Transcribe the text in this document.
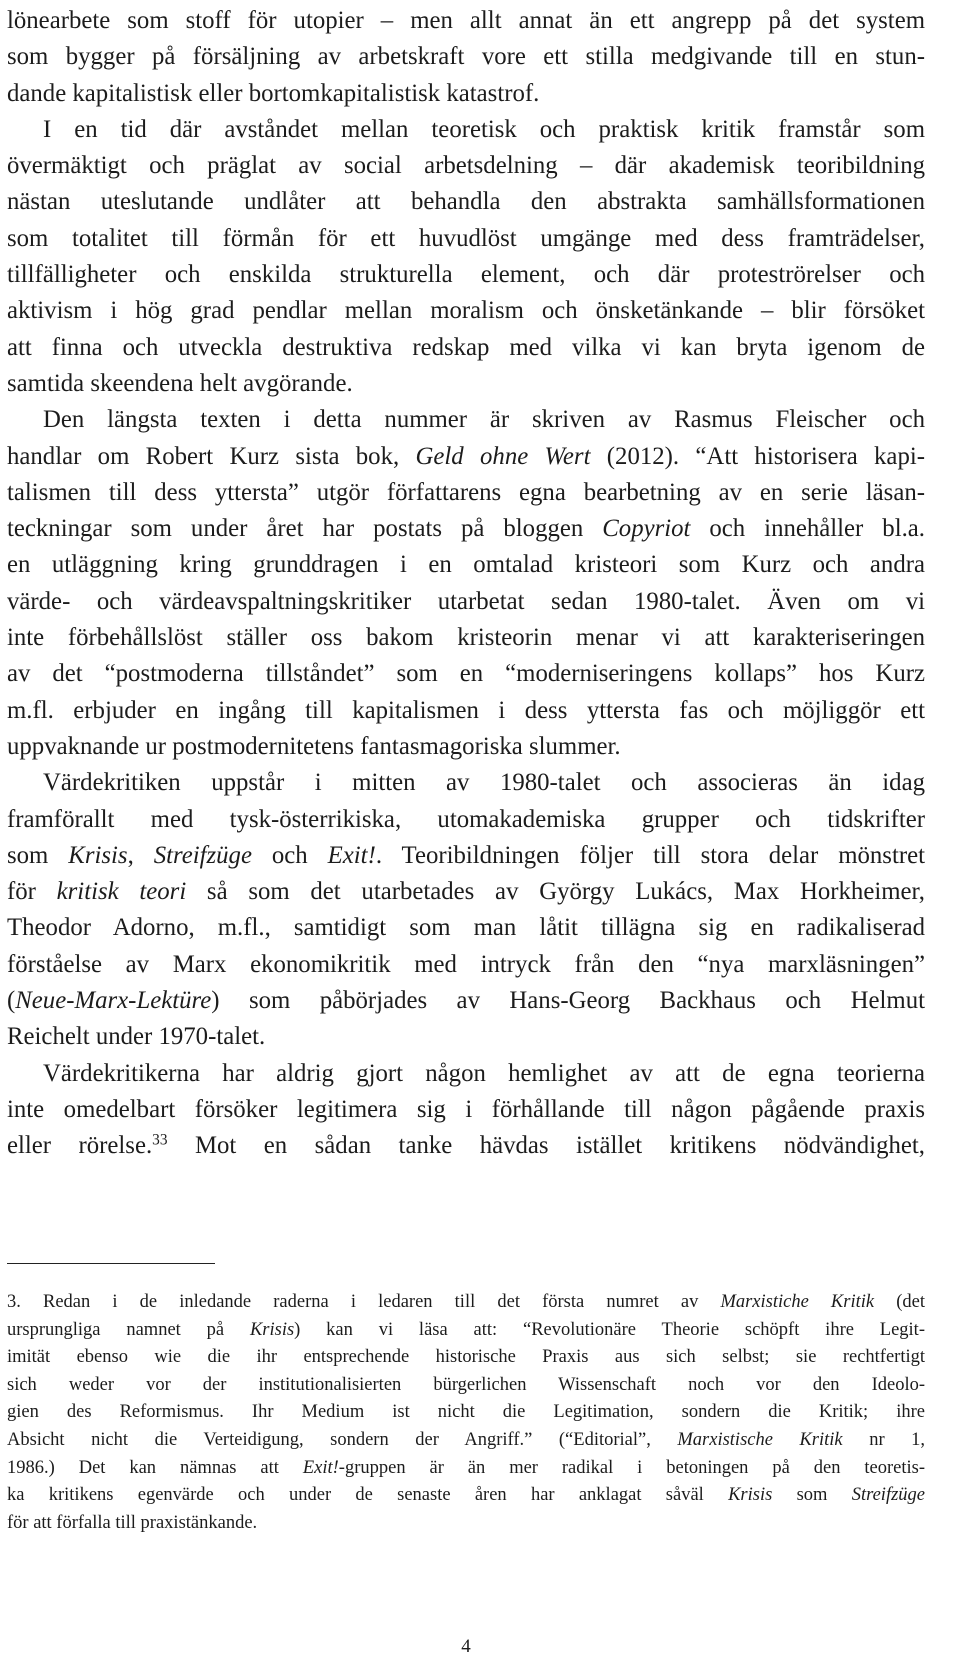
lönearbete som stoff för utopier – men allt annat än ett angrepp på det system
som bygger på försäljning av arbetskraft vore ett stilla medgivande till en stun-
dande kapitalistisk eller bortomkapitalistisk katastrof.
I en tid där avståndet mellan teoretisk och praktisk kritik framstår som
övermäktigt och präglat av social arbetsdelning – där akademisk teoribildning
nästan uteslutande undlåter att behandla den abstrakta samhällsformationen
som totalitet till förmån för ett huvudlöst umgänge med dess framträdelser,
tillfälligheter och enskilda strukturella element, och där proteströrelser och
aktivism i hög grad pendlar mellan moralism och önsketänkande – blir försöket
att finna och utveckla destruktiva redskap med vilka vi kan bryta igenom de
samtida skeendena helt avgörande.
Den längsta texten i detta nummer är skriven av Rasmus Fleischer och
handlar om Robert Kurz sista bok, Geld ohne Wert (2012). “Att historisera kapi-
talismen till dess yttersta” utgör författarens egna bearbetning av en serie läsan-
teckningar som under året har postats på bloggen Copyriot och innehåller bl.a.
en utläggning kring grunddragen i en omtalad kristeori som Kurz och andra
värde- och värdeavspaltningskritiker utarbetat sedan 1980-talet. Även om vi
inte förbehållslöst ställer oss bakom kristeorin menar vi att karakteriseringen
av det “postmoderna tillståndet” som en “moderniseringens kollaps” hos Kurz
m.fl. erbjuder en ingång till kapitalismen i dess yttersta fas och möjliggör ett
uppvaknande ur postmodernitetens fantasmagoriska slummer.
Värdekritiken uppstår i mitten av 1980-talet och associeras än idag
framförallt med tysk-österrikiska, utomakademiska grupper och tidskrifter
som Krisis, Streifzüge och Exit!. Teoribildningen följer till stora delar mönstret
för kritisk teori så som det utarbetades av György Lukács, Max Horkheimer,
Theodor Adorno, m.fl., samtidigt som man låtit tillägna sig en radikaliserad
förståelse av Marx ekonomikritik med intryck från den “nya marxläsningen”
(Neue-Marx-Lektüre) som påbörjades av Hans-Georg Backhaus och Helmut
Reichelt under 1970-talet.
Värdekritikerna har aldrig gjort någon hemlighet av att de egna teorierna
inte omedelbart försöker legitimera sig i förhållande till någon pågående praxis
eller rörelse.$^{33}$ Mot en sådan tanke hävdas istället kritikens nödvändighet,
3. Redan i de inledande raderna i ledaren till det första numret av Marxistiche Kritik (det
ursprungliga namnet på Krisis) kan vi läsa att: “Revolutionäre Theorie schöpft ihre Legit-
imität ebenso wie die ihr entsprechende historische Praxis aus sich selbst; sie rechtfertigt
sich weder vor der institutionalisierten bürgerlichen Wissenschaft noch vor den Ideolo-
gien des Reformismus. Ihr Medium ist nicht die Legitimation, sondern die Kritik; ihre
Absicht nicht die Verteidigung, sondern der Angriff.” (“Editorial”, Marxistische Kritik nr 1,
1986.) Det kan nämnas att Exit!-gruppen är än mer radikal i betoningen på den teoretis-
ka kritikens egenvärde och under de senaste åren har anklagat såväl Krisis som Streifzüge
för att förfalla till praxistänkande.
4
